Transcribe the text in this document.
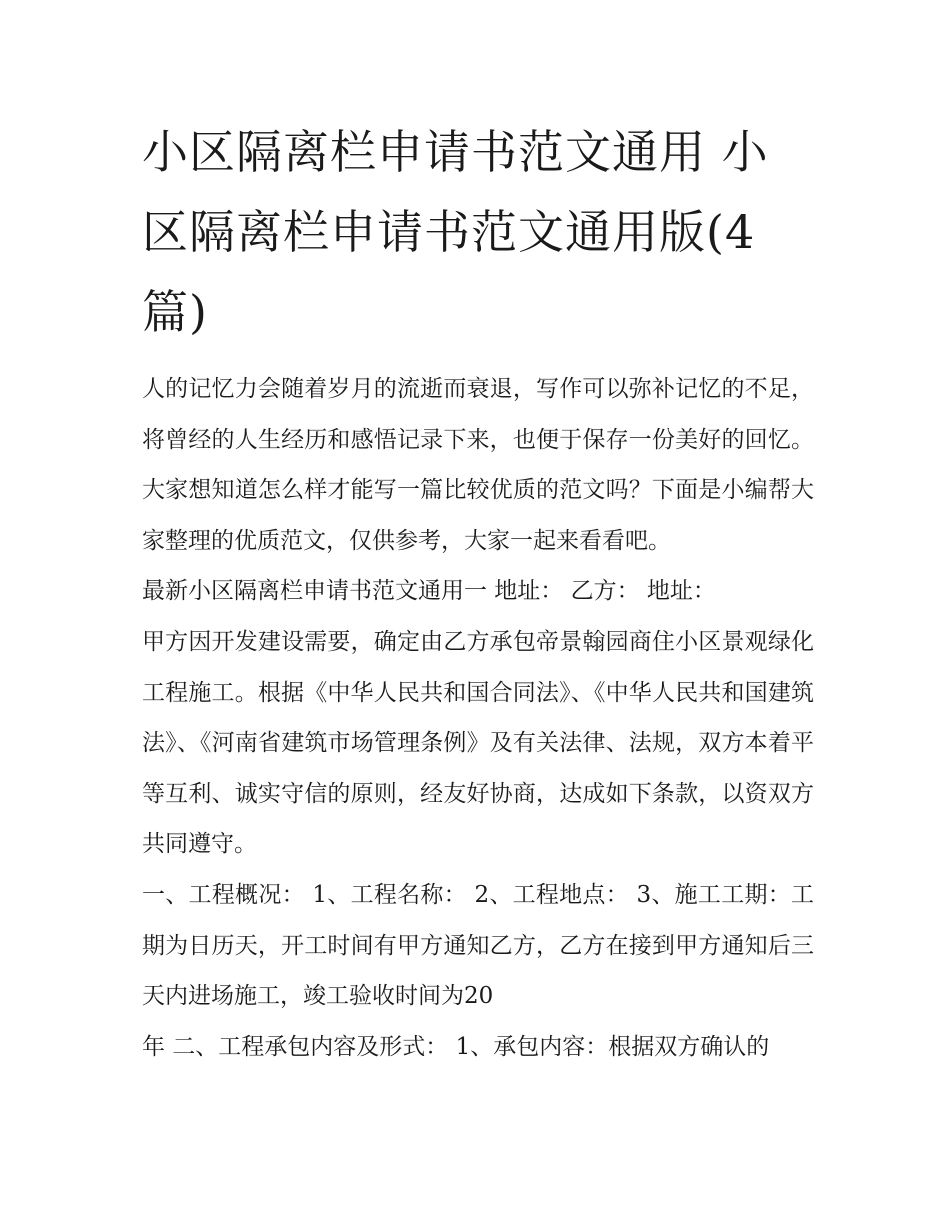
小区隔离栏申请书范文通用 小区隔离栏申请书范文通用版(4篇)

人的记忆力会随着岁月的流逝而衰退，写作可以弥补记忆的不足，将曾经的人生经历和感悟记录下来，也便于保存一份美好的回忆。大家想知道怎么样才能写一篇比较优质的范文吗？下面是小编帮大家整理的优质范文，仅供参考，大家一起来看看吧。

最新小区隔离栏申请书范文通用一 地址： 乙方： 地址：

甲方因开发建设需要，确定由乙方承包帝景翰园商住小区景观绿化工程施工。根据《中华人民共和国合同法》、《中华人民共和国建筑法》、《河南省建筑市场管理条例》及有关法律、法规，双方本着平等互利、诚实守信的原则，经友好协商，达成如下条款，以资双方共同遵守。

一、工程概况： 1、工程名称： 2、工程地点： 3、施工工期：工期为日历天，开工时间有甲方通知乙方，乙方在接到甲方通知后三天内进场施工，竣工验收时间为20

年 二、工程承包内容及形式： 1、承包内容：根据双方确认的
